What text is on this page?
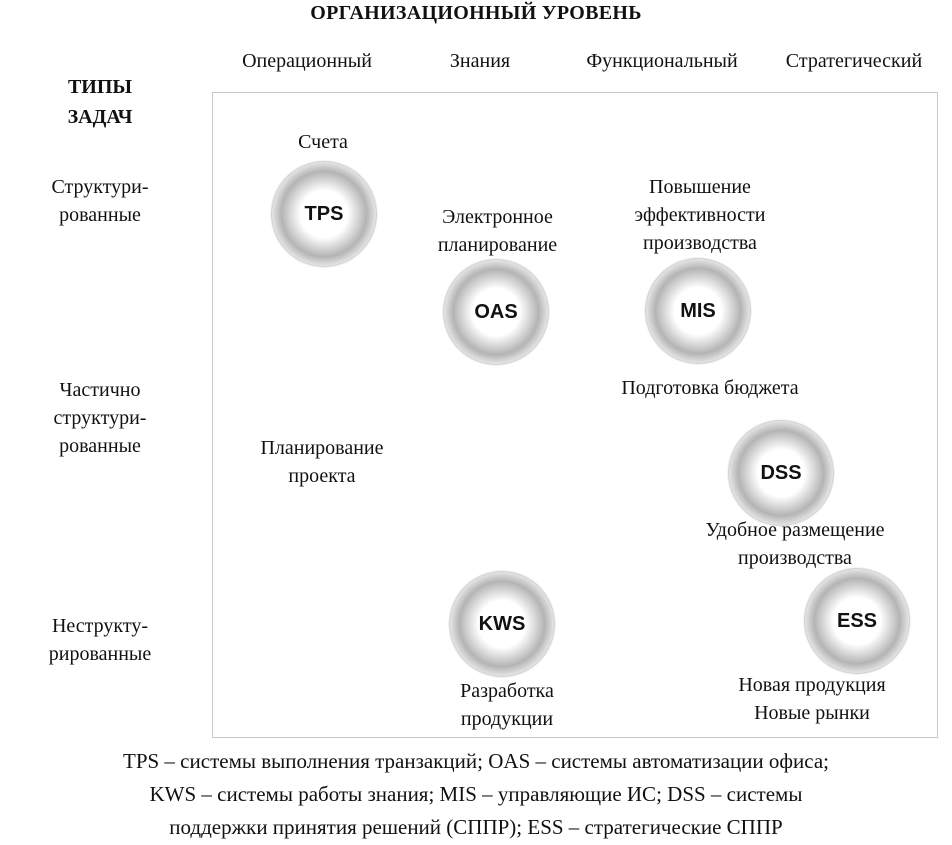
ОРГАНИЗАЦИОННЫЙ УРОВЕНЬ
Операционный	Знания	Функциональный	Стратегический
ТИПЫ
ЗАДАЧ
Структури-
рованные
Частично
структури-
рованные
Неструкту-
рированные
Счета
TPS	Электронное
планирование
OAS
Повышение
эффективности
производства
MIS
Подготовка бюджета
Планирование
проекта	DSS
Удобное размещение
производства
KWS
Разработка
продукции
ESS
Новая продукция
Новые рынки
TPS – системы выполнения транзакций; OAS – системы автоматизации офиса;
KWS – системы работы знания; MIS – управляющие ИС; DSS – системы
поддержки принятия решений (СППР); ESS – стратегические СППР
